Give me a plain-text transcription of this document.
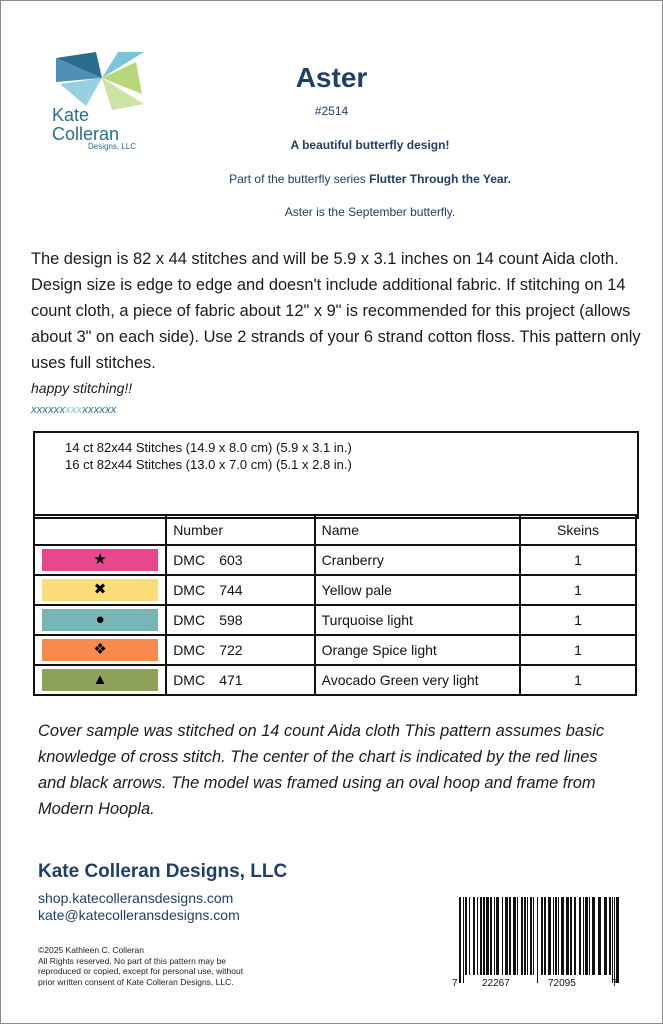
Kate
Colleran
Designs, LLC
Aster
#2514
A beautiful butterfly design!
Part of the butterfly series Flutter Through the Year.
Aster is the September butterfly.
The design is 82 x 44 stitches and will be 5.9 x 3.1 inches on 14 count Aida cloth. Design size is edge to edge and doesn't include additional fabric. If stitching on 14 count cloth, a piece of fabric about 12" x 9" is recommended for this project (allows about 3" on each side). Use 2 strands of your 6 strand cotton floss. This pattern only uses full stitches.
happy stitching!!
xxxxxxxxxxxxxxx
14 ct 82x44 Stitches (14.9 x 8.0 cm) (5.9 x 3.1 in.)
16 ct 82x44 Stitches (13.0 x 7.0 cm) (5.1 x 2.8 in.)
	Number	Name	Skeins

★	DMC 603	Cranberry	1

✖	DMC 744	Yellow pale	1

●	DMC 598	Turquoise light	1

❖	DMC 722	Orange Spice light	1

▲	DMC 471	Avocado Green very light	1
Cover sample was stitched on 14 count Aida cloth This pattern assumes basic knowledge of cross stitch. The center of the chart is indicated by the red lines and black arrows. The model was framed using an oval hoop and frame from Modern Hoopla.
Kate Colleran Designs, LLC
shop.katecolleransdesigns.com
kate@katecolleransdesigns.com
©2025 Kathleen C. Colleran
All Rights reserved. No part of this pattern may be
reproduced or copied, except for personal use, without
prior written consent of Kate Colleran Designs, LLC.	7 22267	72095	7
